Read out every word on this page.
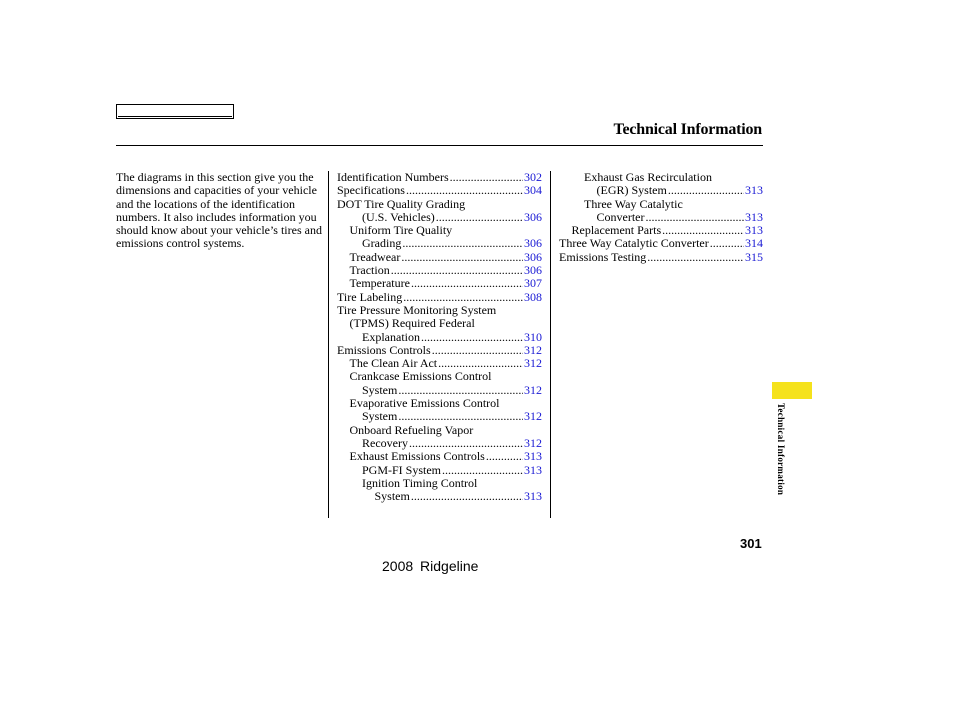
Technical Information
The diagrams in this section give you the dimensions and capacities of your vehicle and the locations of the identification numbers. It also includes information you should know about your vehicle’s tires and emissions control systems.
Identification Numbers .....	302
Specifications .....	304
DOT Tire Quality Grading
(U.S. Vehicles) .....	306
Uniform Tire Quality
Grading .....	306
Treadwear .....	306
Traction .....	306
Temperature .....	307
Tire Labeling .....	308
Tire Pressure Monitoring System
(TPMS) Required Federal
Explanation .....	310
Emissions Controls .....	312
The Clean Air Act .....	312
Crankcase Emissions Control
System .....	312
Evaporative Emissions Control
System .....	312
Onboard Refueling Vapor
Recovery .....	312
Exhaust Emissions Controls .....	313
PGM-FI System .....	313
Ignition Timing Control
System .....	313
Exhaust Gas Recirculation
(EGR) System .....	313
Three Way Catalytic
Converter .....	313
Replacement Parts .....	313
Three Way Catalytic Converter .....	314
Emissions Testing .....	315
Technical Information
301
2008 Ridgeline
